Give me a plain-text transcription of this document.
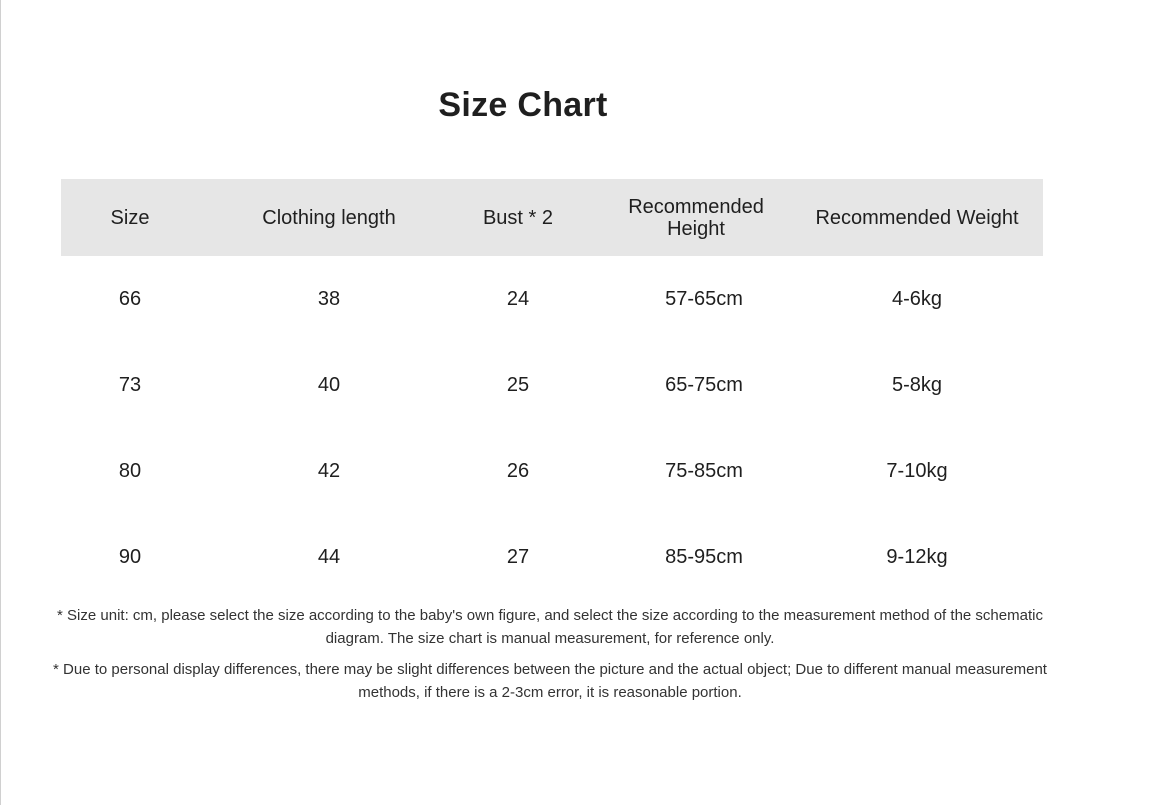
Size Chart
Size	Clothing length	Bust * 2	Recommended Height	Recommended Weight
66	38	24	57-65cm	4-6kg
73	40	25	65-75cm	5-8kg
80	42	26	75-85cm	7-10kg
90	44	27	85-95cm	9-12kg

* Size unit: cm, please select the size according to the baby's own figure, and select the size according to the measurement method of the schematic diagram. The size chart is manual measurement, for reference only.

* Due to personal display differences, there may be slight differences between the picture and the actual object; Due to different manual measurement methods, if there is a 2-3cm error, it is reasonable portion.
